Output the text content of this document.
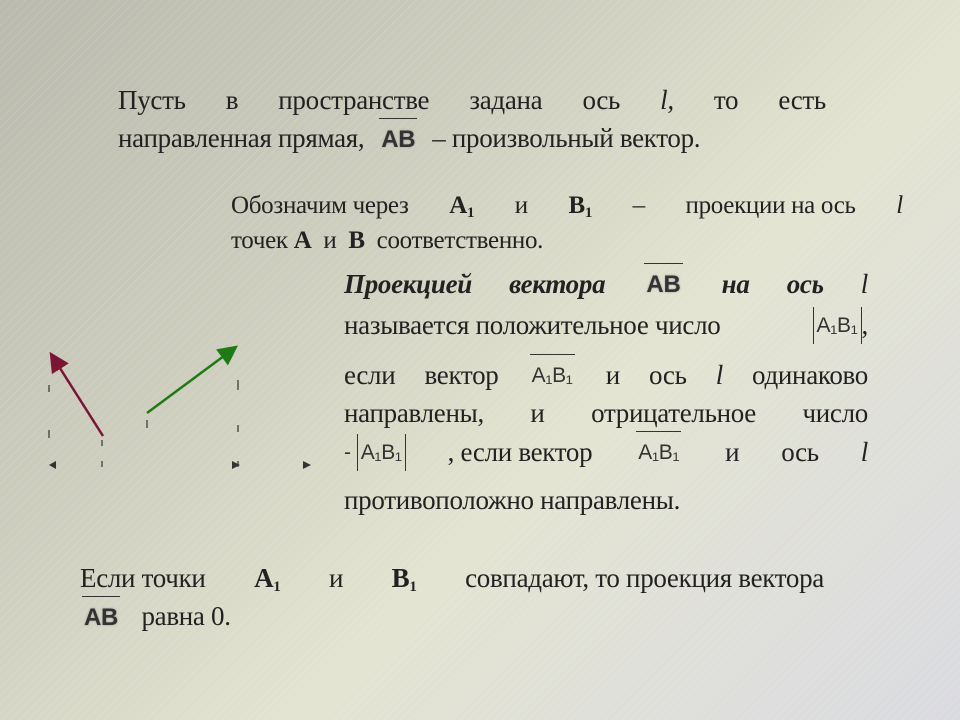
Пусть в пространстве задана ось l, то есть
направленная прямая, AB – произвольный вектор.
Обозначим через $A_1$ и $B_1$ – проекции на ось l
точек A и B соответственно.
Проекцией вектора AB на ось l
называется положительное число	A₁B₁ ,
если вектор A₁B₁ и ось l одинаково
направлены, и отрицательное число
- A₁B₁ , если вектор A₁B₁ и ось l
противоположно направлены.
Если точки $A_1$ и $B_1$ совпадают, то проекция вектора
AB равна 0.
